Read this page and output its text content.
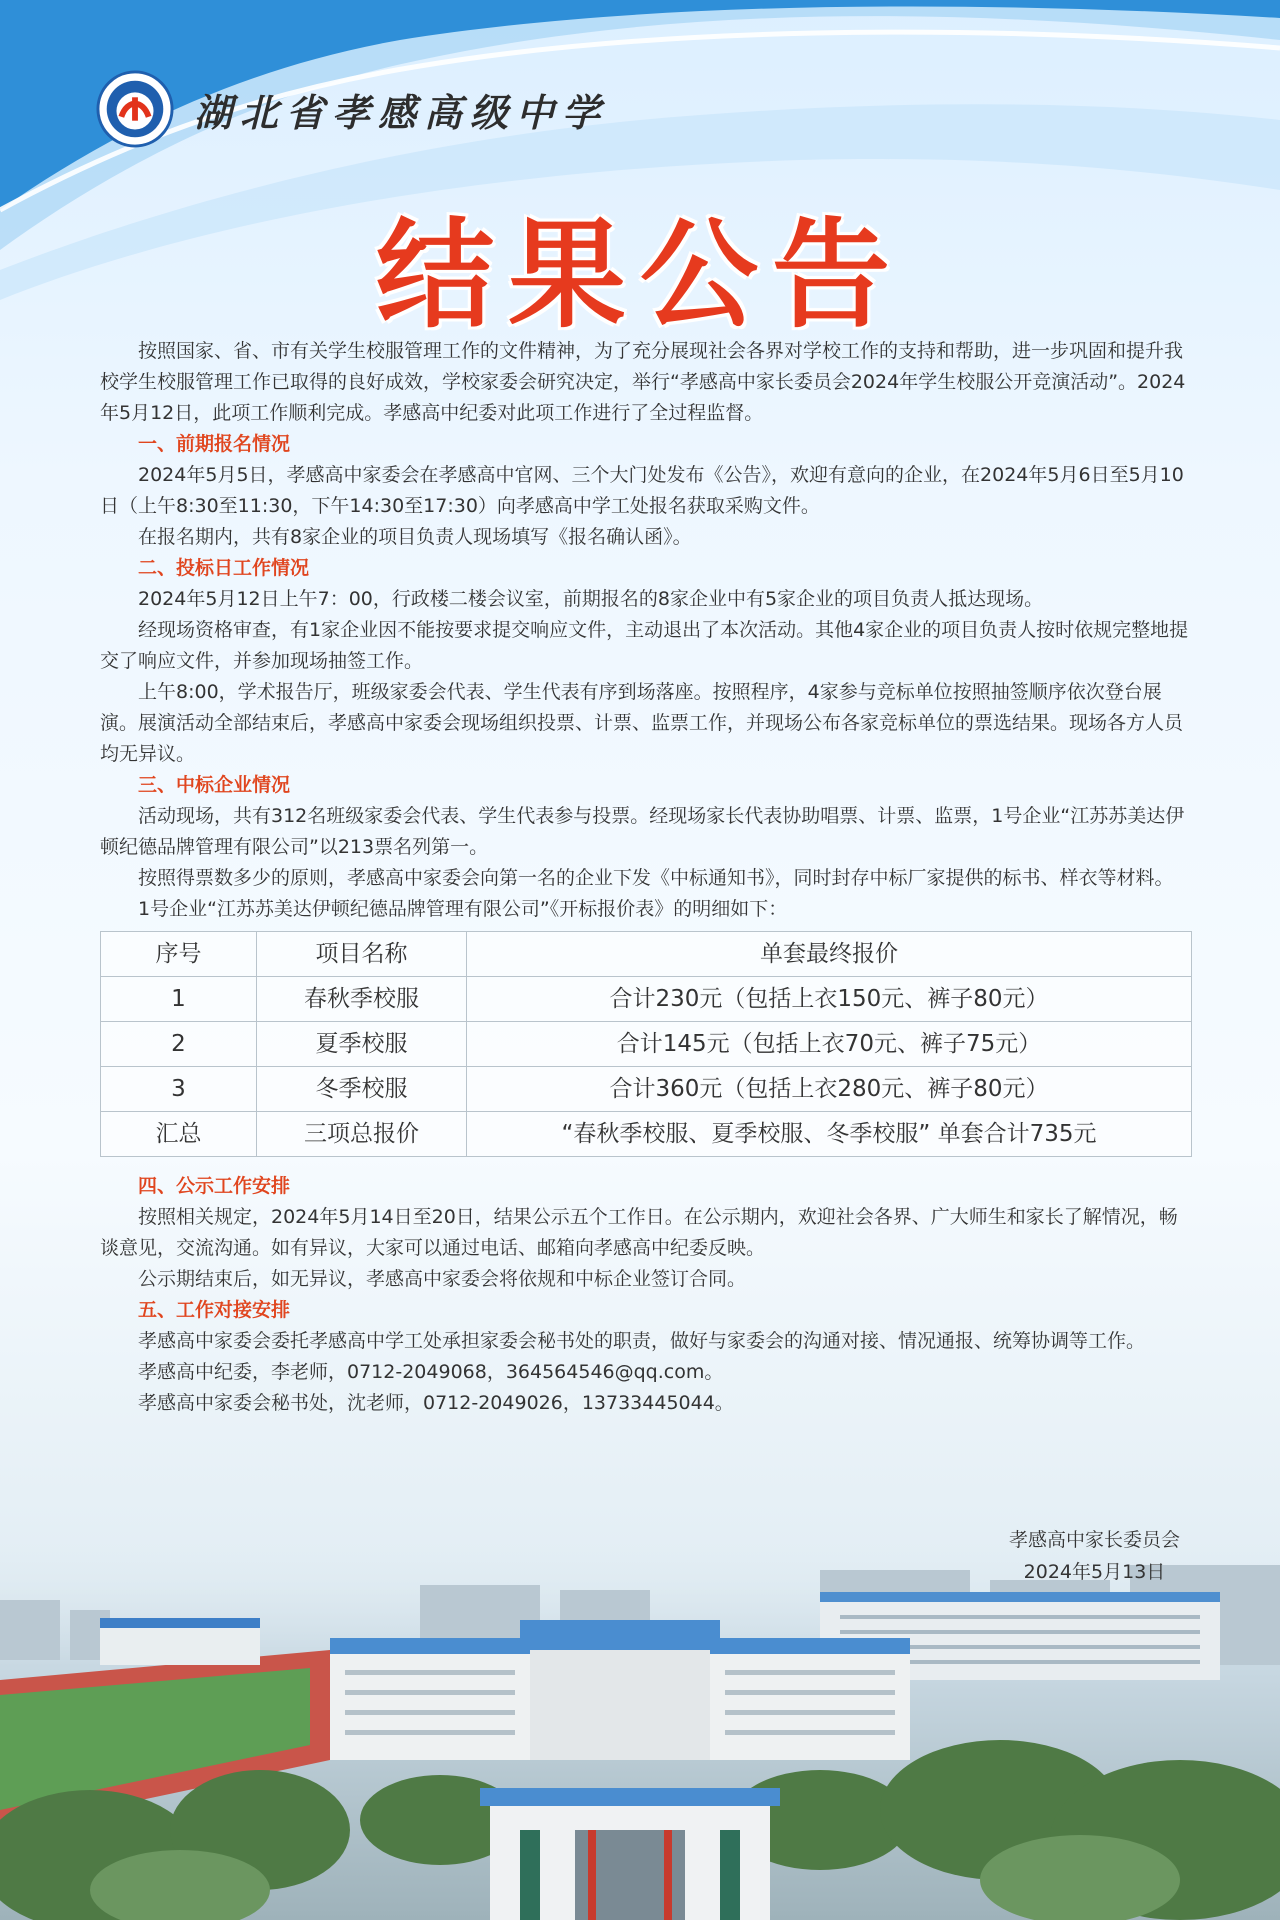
湖北省孝感高级中学
结果公告

按照国家、省、市有关学生校服管理工作的文件精神，为了充分展现社会各界对学校工作的支持和帮助，进一步巩固和提升我校学生校服管理工作已取得的良好成效，学校家委会研究决定，举行“孝感高中家长委员会2024年学生校服公开竞演活动”。2024年5月12日，此项工作顺利完成。孝感高中纪委对此项工作进行了全过程监督。

一、前期报名情况

2024年5月5日，孝感高中家委会在孝感高中官网、三个大门处发布《公告》，欢迎有意向的企业，在2024年5月6日至5月10日（上午8:30至11:30，下午14:30至17:30）向孝感高中学工处报名获取采购文件。

在报名期内，共有8家企业的项目负责人现场填写《报名确认函》。

二、投标日工作情况

2024年5月12日上午7：00，行政楼二楼会议室，前期报名的8家企业中有5家企业的项目负责人抵达现场。

经现场资格审查，有1家企业因不能按要求提交响应文件，主动退出了本次活动。其他4家企业的项目负责人按时依规完整地提交了响应文件，并参加现场抽签工作。

上午8:00，学术报告厅，班级家委会代表、学生代表有序到场落座。按照程序，4家参与竞标单位按照抽签顺序依次登台展演。展演活动全部结束后，孝感高中家委会现场组织投票、计票、监票工作，并现场公布各家竞标单位的票选结果。现场各方人员均无异议。

三、中标企业情况

活动现场，共有312名班级家委会代表、学生代表参与投票。经现场家长代表协助唱票、计票、监票，1号企业“江苏苏美达伊顿纪德品牌管理有限公司”以213票名列第一。

按照得票数多少的原则，孝感高中家委会向第一名的企业下发《中标通知书》，同时封存中标厂家提供的标书、样衣等材料。

1号企业“江苏苏美达伊顿纪德品牌管理有限公司”《开标报价表》的明细如下：

序号	项目名称	单套最终报价
1	春秋季校服	合计230元（包括上衣150元、裤子80元）
2	夏季校服	合计145元（包括上衣70元、裤子75元）
3	冬季校服	合计360元（包括上衣280元、裤子80元）
汇总	三项总报价	“春秋季校服、夏季校服、冬季校服” 单套合计735元
四、公示工作安排

按照相关规定，2024年5月14日至20日，结果公示五个工作日。在公示期内，欢迎社会各界、广大师生和家长了解情况，畅谈意见，交流沟通。如有异议，大家可以通过电话、邮箱向孝感高中纪委反映。

公示期结束后，如无异议，孝感高中家委会将依规和中标企业签订合同。

五、工作对接安排

孝感高中家委会委托孝感高中学工处承担家委会秘书处的职责，做好与家委会的沟通对接、情况通报、统筹协调等工作。

孝感高中纪委，李老师，0712-2049068，364564546@qq.com。

孝感高中家委会秘书处，沈老师，0712-2049026，13733445044。

孝感高中家长委员会
2024年5月13日
